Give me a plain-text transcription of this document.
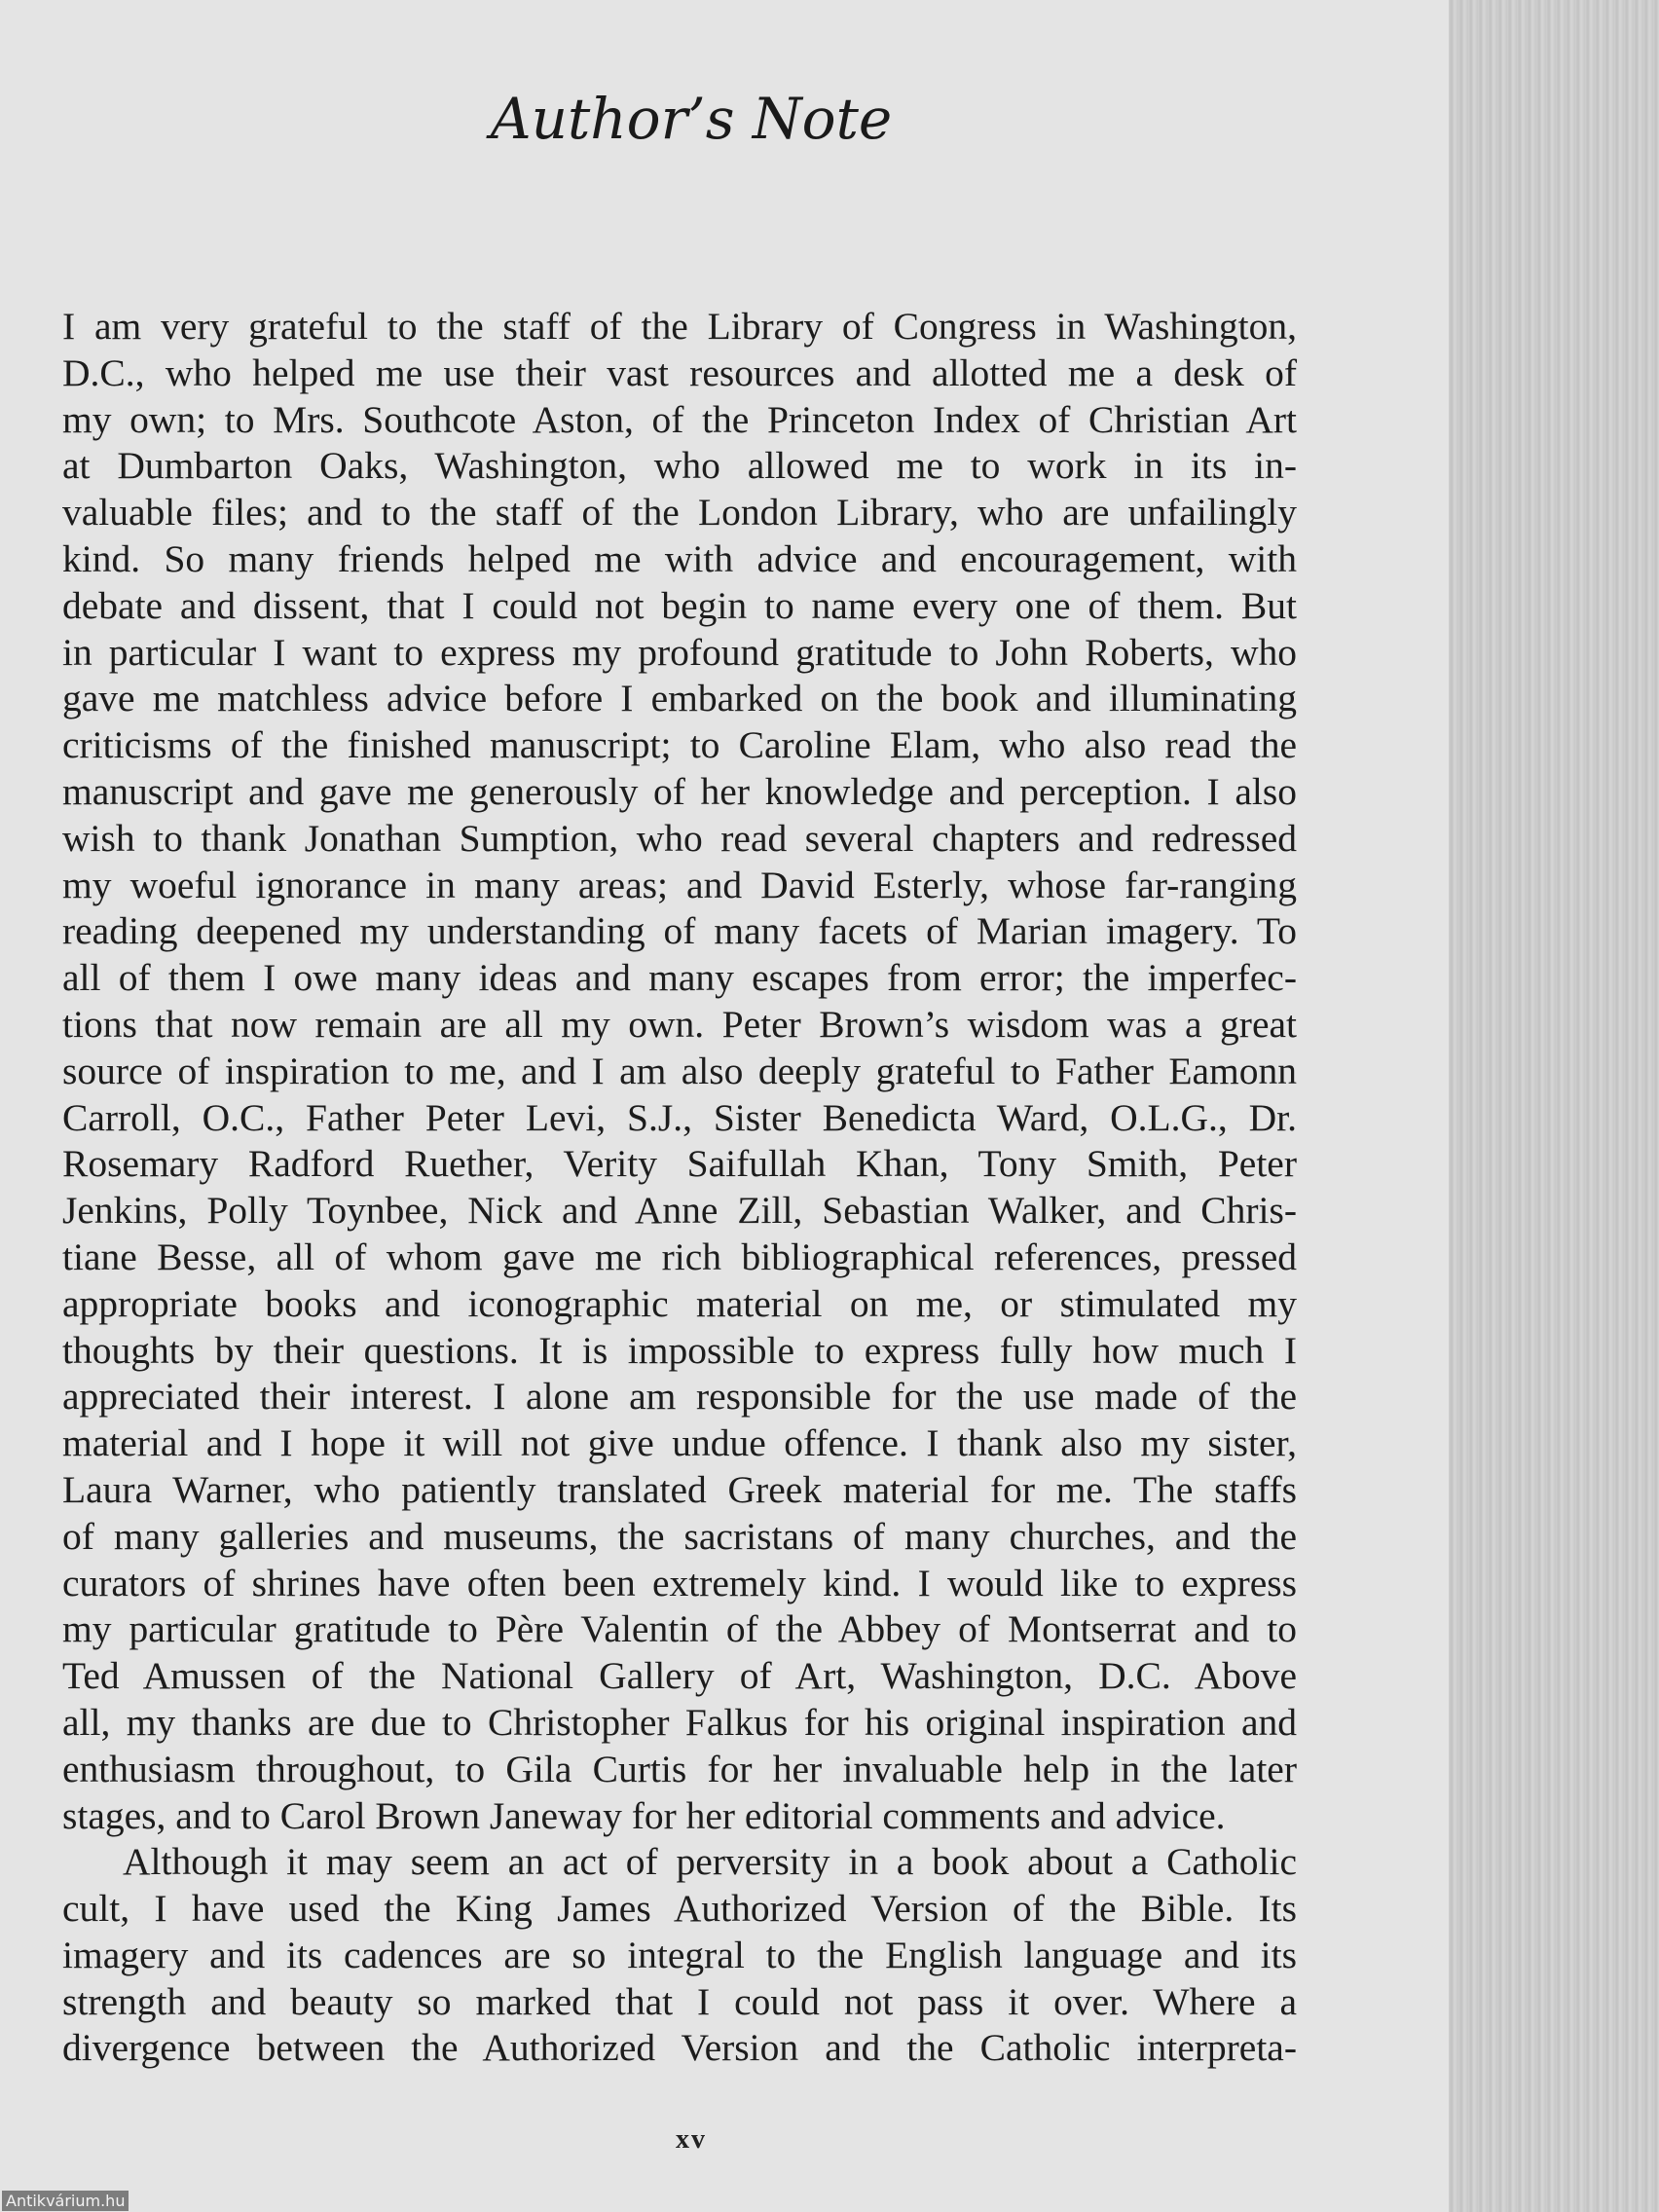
Author’s Note
I am very grateful to the staff of the Library of Congress in Washington,
D.C., who helped me use their vast resources and allotted me a desk of
my own; to Mrs. Southcote Aston, of the Princeton Index of Christian Art
at Dumbarton Oaks, Washington, who allowed me to work in its in-
valuable files; and to the staff of the London Library, who are unfailingly
kind. So many friends helped me with advice and encouragement, with
debate and dissent, that I could not begin to name every one of them. But
in particular I want to express my profound gratitude to John Roberts, who
gave me matchless advice before I embarked on the book and illuminating
criticisms of the finished manuscript; to Caroline Elam, who also read the
manuscript and gave me generously of her knowledge and perception. I also
wish to thank Jonathan Sumption, who read several chapters and redressed
my woeful ignorance in many areas; and David Esterly, whose far-ranging
reading deepened my understanding of many facets of Marian imagery. To
all of them I owe many ideas and many escapes from error; the imperfec-
tions that now remain are all my own. Peter Brown’s wisdom was a great
source of inspiration to me, and I am also deeply grateful to Father Eamonn
Carroll, O.C., Father Peter Levi, S.J., Sister Benedicta Ward, O.L.G., Dr.
Rosemary Radford Ruether, Verity Saifullah Khan, Tony Smith, Peter
Jenkins, Polly Toynbee, Nick and Anne Zill, Sebastian Walker, and Chris-
tiane Besse, all of whom gave me rich bibliographical references, pressed
appropriate books and iconographic material on me, or stimulated my
thoughts by their questions. It is impossible to express fully how much I
appreciated their interest. I alone am responsible for the use made of the
material and I hope it will not give undue offence. I thank also my sister,
Laura Warner, who patiently translated Greek material for me. The staffs
of many galleries and museums, the sacristans of many churches, and the
curators of shrines have often been extremely kind. I would like to express
my particular gratitude to Père Valentin of the Abbey of Montserrat and to
Ted Amussen of the National Gallery of Art, Washington, D.C. Above
all, my thanks are due to Christopher Falkus for his original inspiration and
enthusiasm throughout, to Gila Curtis for her invaluable help in the later
stages, and to Carol Brown Janeway for her editorial comments and advice.
Although it may seem an act of perversity in a book about a Catholic
cult, I have used the King James Authorized Version of the Bible. Its
imagery and its cadences are so integral to the English language and its
strength and beauty so marked that I could not pass it over. Where a
divergence between the Authorized Version and the Catholic interpreta-
xv
Antikvárium.hu
